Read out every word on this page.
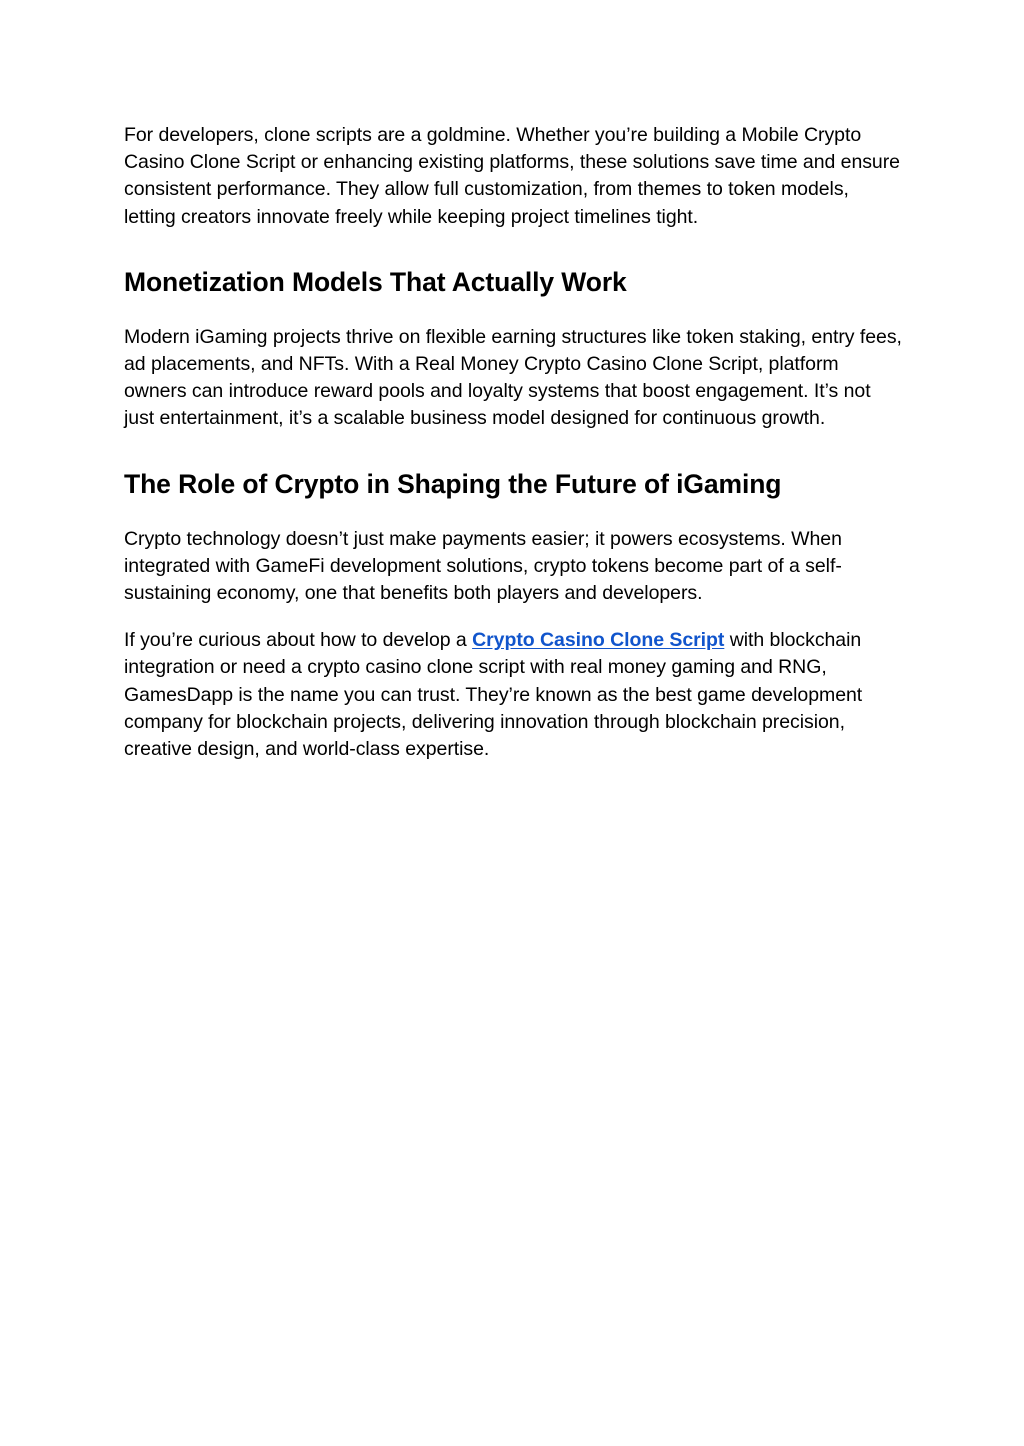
For developers, clone scripts are a goldmine. Whether you’re building a Mobile Crypto Casino Clone Script or enhancing existing platforms, these solutions save time and ensure consistent performance. They allow full customization, from themes to token models, letting creators innovate freely while keeping project timelines tight.

Monetization Models That Actually Work

Modern iGaming projects thrive on flexible earning structures like token staking, entry fees, ad placements, and NFTs. With a Real Money Crypto Casino Clone Script, platform owners can introduce reward pools and loyalty systems that boost engagement. It’s not just entertainment, it’s a scalable business model designed for continuous growth.

The Role of Crypto in Shaping the Future of iGaming

Crypto technology doesn’t just make payments easier; it powers ecosystems. When integrated with GameFi development solutions, crypto tokens become part of a self-sustaining economy, one that benefits both players and developers.

If you’re curious about how to develop a Crypto Casino Clone Script with blockchain integration or need a crypto casino clone script with real money gaming and RNG, GamesDapp is the name you can trust. They’re known as the best game development company for blockchain projects, delivering innovation through blockchain precision, creative design, and world-class expertise.
